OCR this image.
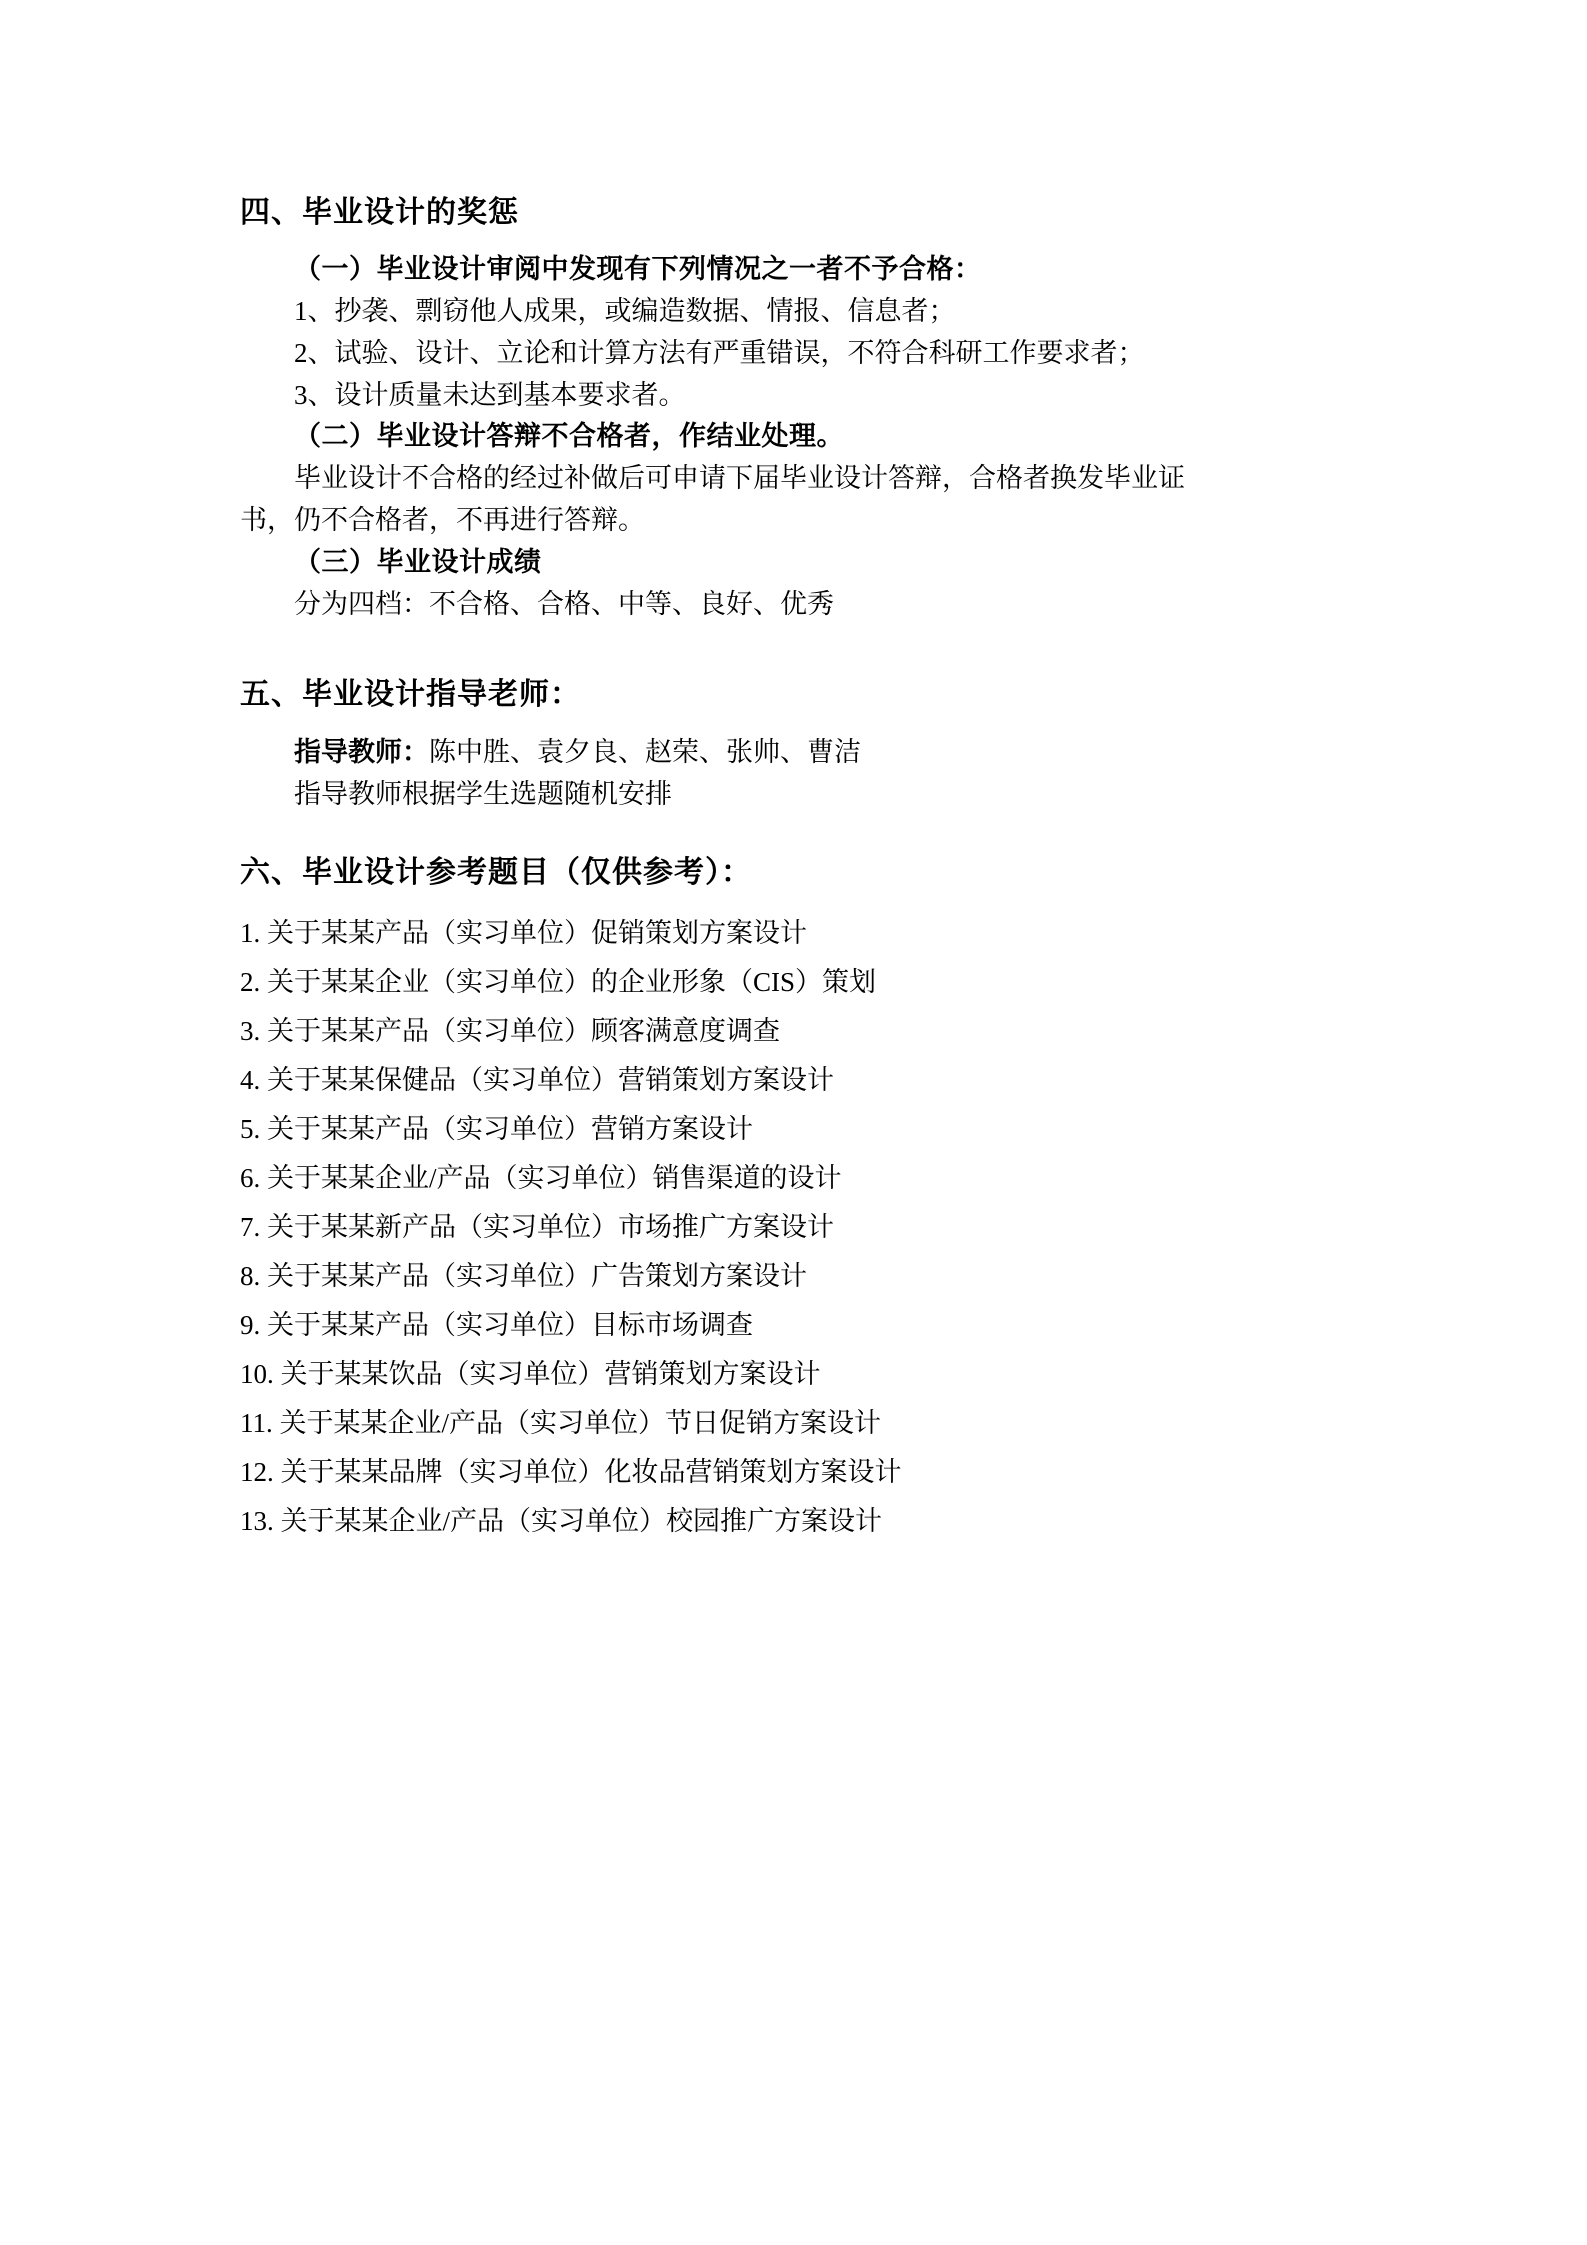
四、毕业设计的奖惩

（一）毕业设计审阅中发现有下列情况之一者不予合格：

1、抄袭、剽窃他人成果，或编造数据、情报、信息者；

2、试验、设计、立论和计算方法有严重错误，不符合科研工作要求者；

3、设计质量未达到基本要求者。

（二）毕业设计答辩不合格者，作结业处理。

毕业设计不合格的经过补做后可申请下届毕业设计答辩，合格者换发毕业证

书，仍不合格者，不再进行答辩。

（三）毕业设计成绩

分为四档：不合格、合格、中等、良好、优秀

五、毕业设计指导老师：

指导教师：陈中胜、袁夕良、赵荣、张帅、曹洁

指导教师根据学生选题随机安排

六、毕业设计参考题目（仅供参考）：
1. 关于某某产品（实习单位）促销策划方案设计
2. 关于某某企业（实习单位）的企业形象（CIS）策划
3. 关于某某产品（实习单位）顾客满意度调查
4. 关于某某保健品（实习单位）营销策划方案设计
5. 关于某某产品（实习单位）营销方案设计
6. 关于某某企业/产品（实习单位）销售渠道的设计
7. 关于某某新产品（实习单位）市场推广方案设计
8. 关于某某产品（实习单位）广告策划方案设计
9. 关于某某产品（实习单位）目标市场调查
10. 关于某某饮品（实习单位）营销策划方案设计
11. 关于某某企业/产品（实习单位）节日促销方案设计
12. 关于某某品牌（实习单位）化妆品营销策划方案设计
13. 关于某某企业/产品（实习单位）校园推广方案设计
